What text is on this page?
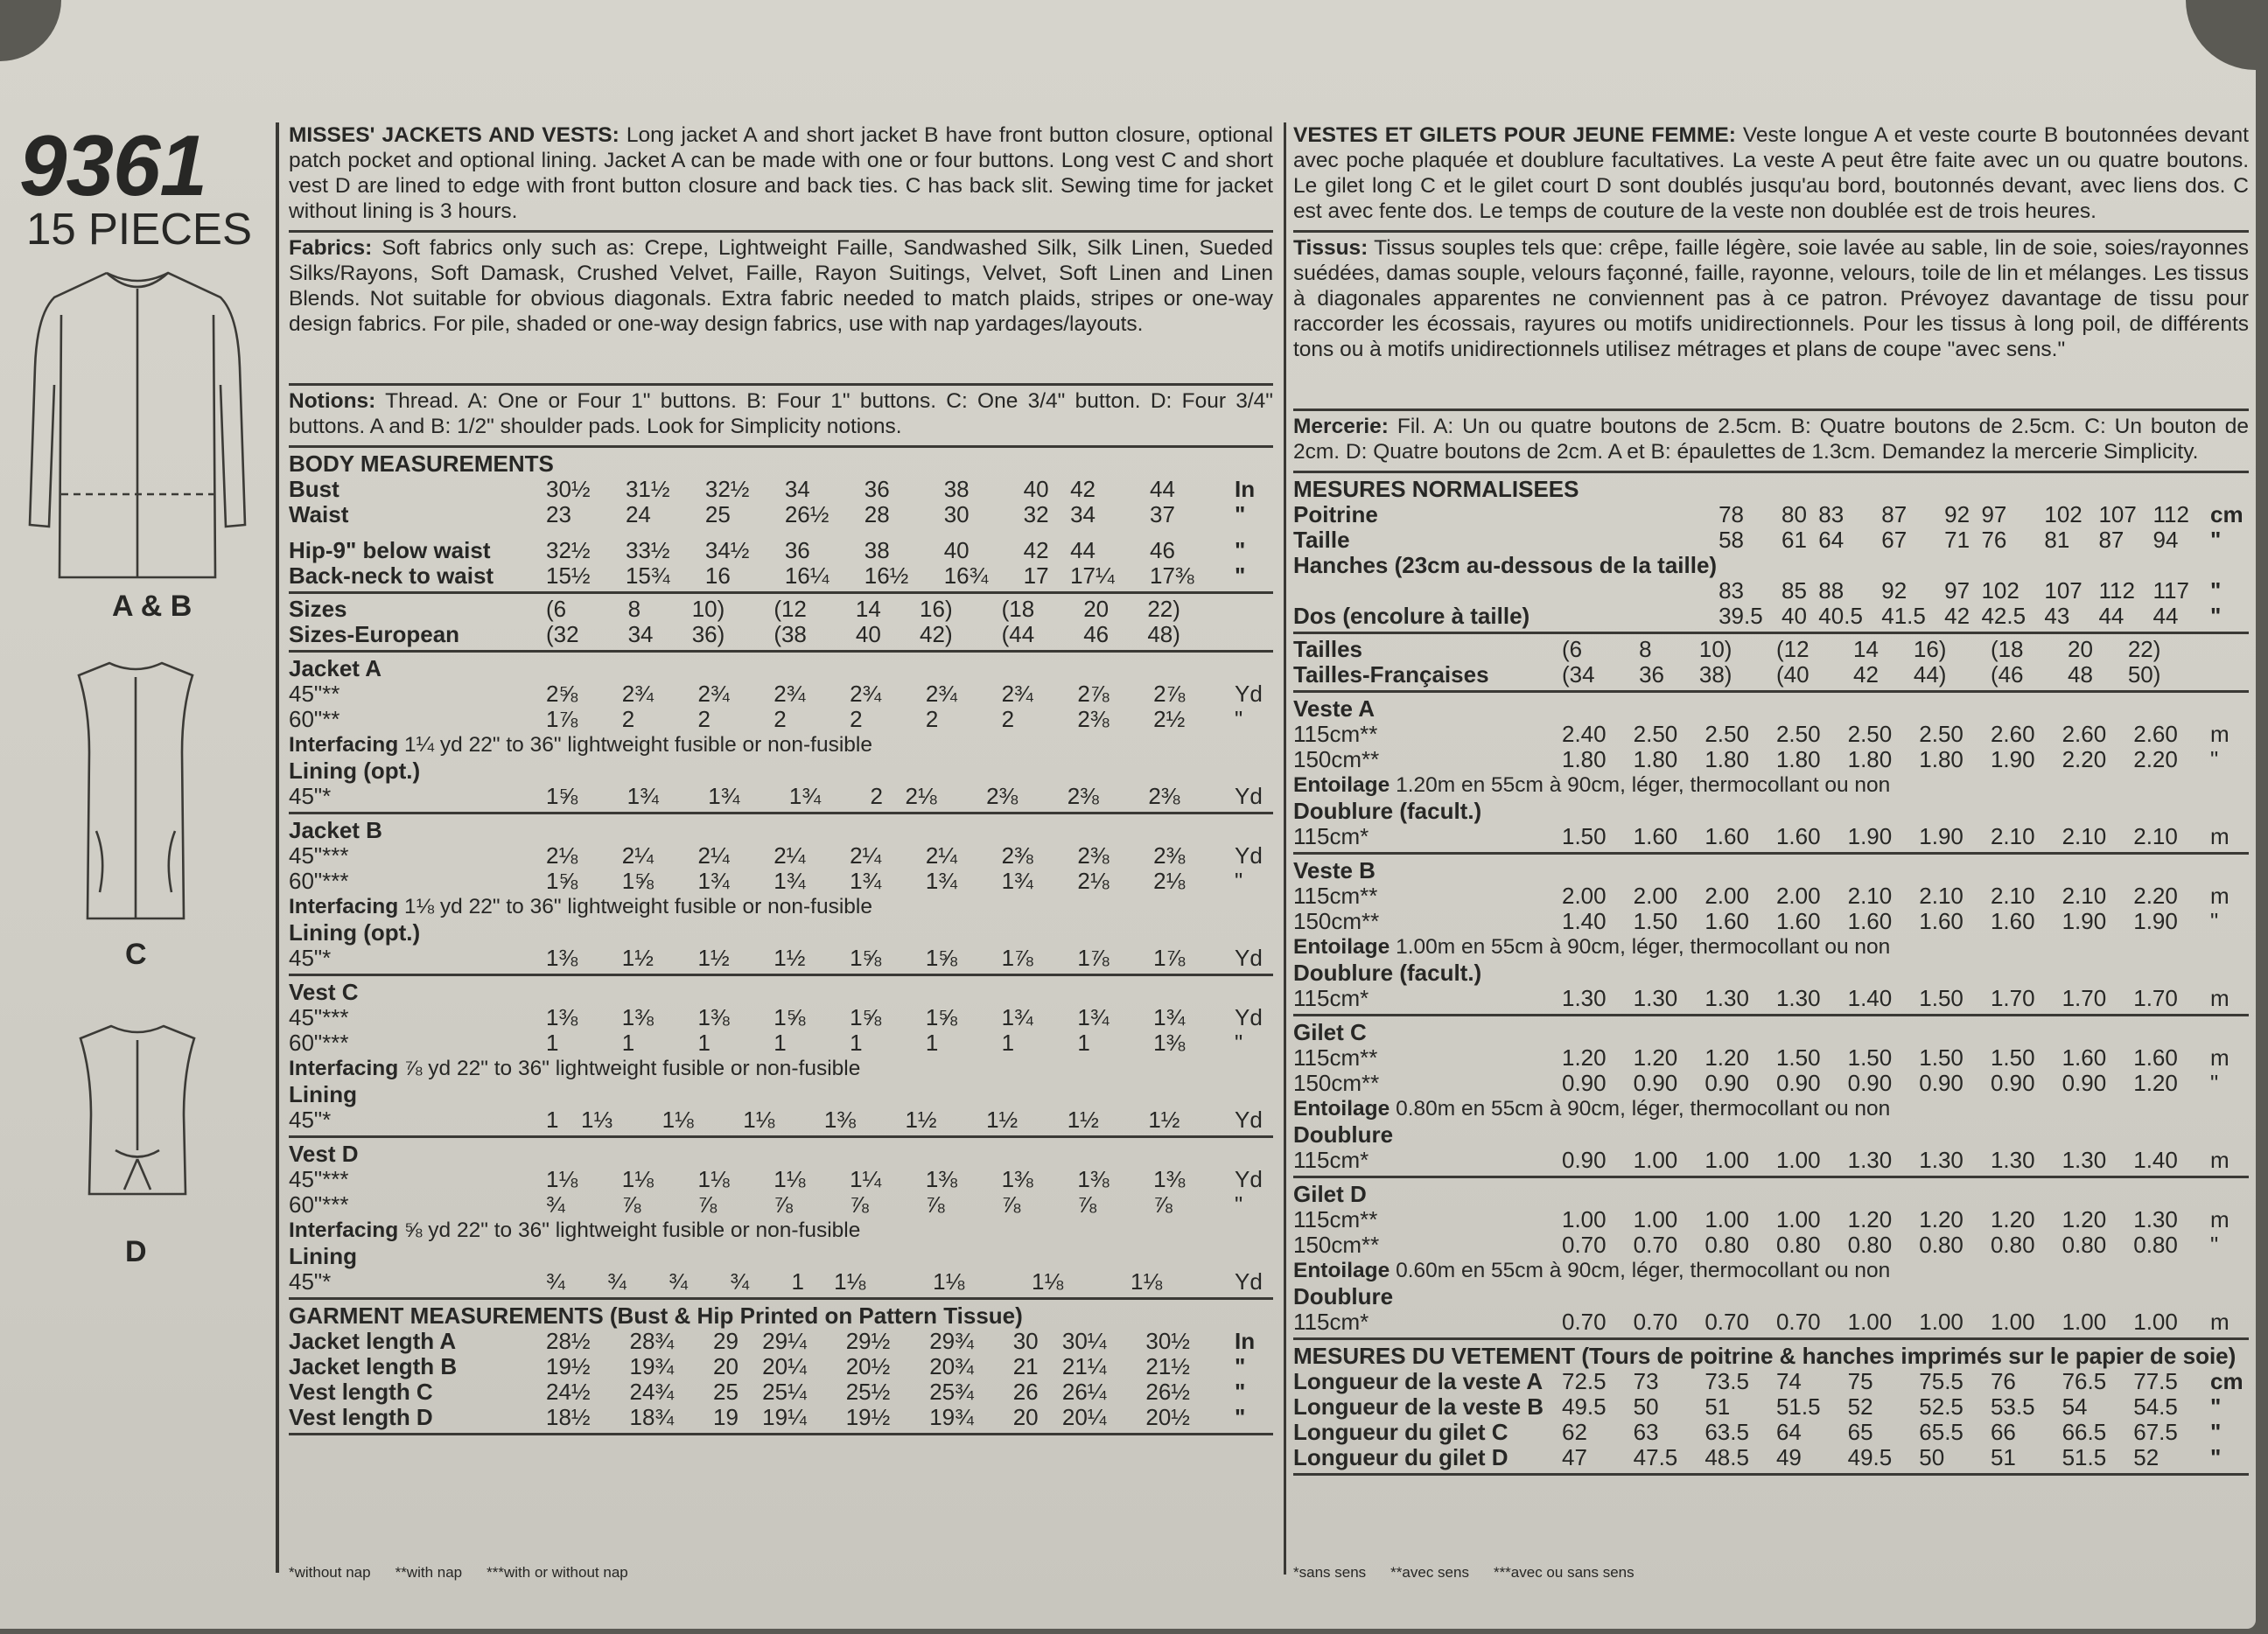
9361
15 PIECES
A & B
C
D
MISSES' JACKETS AND VESTS: Long jacket A and short jacket B have front button closure, optional patch pocket and optional lining. Jacket A can be made with one or four buttons. Long vest C and short vest D are lined to edge with front button closure and back ties. C has back slit. Sewing time for jacket without lining is 3 hours.
Fabrics: Soft fabrics only such as: Crepe, Lightweight Faille, Sandwashed Silk, Silk Linen, Sueded Silks/Rayons, Soft Damask, Crushed Velvet, Faille, Rayon Suitings, Velvet, Soft Linen and Linen Blends. Not suitable for obvious diagonals. Extra fabric needed to match plaids, stripes or one-way design fabrics. For pile, shaded or one-way design fabrics, use with nap yardages/layouts.
Notions: Thread. A: One or Four 1" buttons. B: Four 1" buttons. C: One 3/4" button. D: Four 3/4" buttons. A and B: 1/2" shoulder pads. Look for Simplicity notions.
BODY MEASUREMENTS
Bust	30½	31½	32½	34	36	38	40	42	44	In
Waist	23	24	25	26½	28	30	32	34	37	"

Hip-9" below waist	32½	33½	34½	36	38	40	42	44	46	"
Back-neck to waist	15½	15¾	16	16¼	16½	16¾	17	17¼	17⅜	"
Sizes	(6	8	10)	(12	14	16)	(18	20	22)	
Sizes-European	(32	34	36)	(38	40	42)	(44	46	48)	
Jacket A
45"**	2⅝	2¾	2¾	2¾	2¾	2¾	2¾	2⅞	2⅞	Yd
60"**	1⅞	2	2	2	2	2	2	2⅜	2½	"
Interfacing 1¼ yd 22" to 36" lightweight fusible or non-fusible
Lining (opt.)
45"*	1⅝	1¾	1¾	1¾	2	2⅛	2⅜	2⅜	2⅜	Yd
Jacket B
45"***	2⅛	2¼	2¼	2¼	2¼	2¼	2⅜	2⅜	2⅜	Yd
60"***	1⅝	1⅝	1¾	1¾	1¾	1¾	1¾	2⅛	2⅛	"
Interfacing 1⅛ yd 22" to 36" lightweight fusible or non-fusible
Lining (opt.)
45"*	1⅜	1½	1½	1½	1⅝	1⅝	1⅞	1⅞	1⅞	Yd
Vest C
45"***	1⅜	1⅜	1⅜	1⅝	1⅝	1⅝	1¾	1¾	1¾	Yd
60"***	1	1	1	1	1	1	1	1	1⅜	"
Interfacing ⅞ yd 22" to 36" lightweight fusible or non-fusible
Lining
45"*	1	1⅓	1⅛	1⅛	1⅜	1½	1½	1½	1½	Yd
Vest D
45"***	1⅛	1⅛	1⅛	1⅛	1¼	1⅜	1⅜	1⅜	1⅜	Yd
60"***	¾	⅞	⅞	⅞	⅞	⅞	⅞	⅞	⅞	"
Interfacing ⅝ yd 22" to 36" lightweight fusible or non-fusible
Lining
45"*	¾	¾	¾	¾	1	1⅛	1⅛	1⅛	1⅛	Yd
GARMENT MEASUREMENTS (Bust & Hip Printed on Pattern Tissue)
Jacket length A	28½	28¾	29	29¼	29½	29¾	30	30¼	30½	In
Jacket length B	19½	19¾	20	20¼	20½	20¾	21	21¼	21½	"
Vest length C	24½	24¾	25	25¼	25½	25¾	26	26¼	26½	"
Vest length D	18½	18¾	19	19¼	19½	19¾	20	20¼	20½	"
VESTES ET GILETS POUR JEUNE FEMME: Veste longue A et veste courte B boutonnées devant avec poche plaquée et doublure facultatives. La veste A peut être faite avec un ou quatre boutons. Le gilet long C et le gilet court D sont doublés jusqu'au bord, boutonnés devant, avec liens dos. C est avec fente dos. Le temps de couture de la veste non doublée est de trois heures.
Tissus: Tissus souples tels que: crêpe, faille légère, soie lavée au sable, lin de soie, soies/rayonnes suédées, damas souple, velours façonné, faille, rayonne, velours, toile de lin et mélanges. Les tissus à diagonales apparentes ne conviennent pas à ce patron. Prévoyez davantage de tissu pour raccorder les écossais, rayures ou motifs unidirectionnels. Pour les tissus à long poil, de différents tons ou à motifs unidirectionnels utilisez métrages et plans de coupe "avec sens."
Mercerie: Fil. A: Un ou quatre boutons de 2.5cm. B: Quatre boutons de 2.5cm. C: Un bouton de 2cm. D: Quatre boutons de 2cm. A et B: épaulettes de 1.3cm. Demandez la mercerie Simplicity.
MESURES NORMALISEES
Poitrine	78	80	83	87	92	97	102	107	112	cm
Taille	58	61	64	67	71	76	81	87	94	"
Hanches (23cm au-dessous de la taille)										
	83	85	88	92	97	102	107	112	117	"
Dos (encolure à taille)	39.5	40	40.5	41.5	42	42.5	43	44	44	"
Tailles	(6	8	10)	(12	14	16)	(18	20	22)	
Tailles-Françaises	(34	36	38)	(40	42	44)	(46	48	50)	
Veste A
115cm**	2.40	2.50	2.50	2.50	2.50	2.50	2.60	2.60	2.60	m
150cm**	1.80	1.80	1.80	1.80	1.80	1.80	1.90	2.20	2.20	"
Entoilage 1.20m en 55cm à 90cm, léger, thermocollant ou non
Doublure (facult.)
115cm*	1.50	1.60	1.60	1.60	1.90	1.90	2.10	2.10	2.10	m
Veste B
115cm**	2.00	2.00	2.00	2.00	2.10	2.10	2.10	2.10	2.20	m
150cm**	1.40	1.50	1.60	1.60	1.60	1.60	1.60	1.90	1.90	"
Entoilage 1.00m en 55cm à 90cm, léger, thermocollant ou non
Doublure (facult.)
115cm*	1.30	1.30	1.30	1.30	1.40	1.50	1.70	1.70	1.70	m
Gilet C
115cm**	1.20	1.20	1.20	1.50	1.50	1.50	1.50	1.60	1.60	m
150cm**	0.90	0.90	0.90	0.90	0.90	0.90	0.90	0.90	1.20	"
Entoilage 0.80m en 55cm à 90cm, léger, thermocollant ou non
Doublure
115cm*	0.90	1.00	1.00	1.00	1.30	1.30	1.30	1.30	1.40	m
Gilet D
115cm**	1.00	1.00	1.00	1.00	1.20	1.20	1.20	1.20	1.30	m
150cm**	0.70	0.70	0.80	0.80	0.80	0.80	0.80	0.80	0.80	"
Entoilage 0.60m en 55cm à 90cm, léger, thermocollant ou non
Doublure
115cm*	0.70	0.70	0.70	0.70	1.00	1.00	1.00	1.00	1.00	m
MESURES DU VETEMENT (Tours de poitrine & hanches imprimés sur le papier de soie)
Longueur de la veste A	72.5	73	73.5	74	75	75.5	76	76.5	77.5	cm
Longueur de la veste B	49.5	50	51	51.5	52	52.5	53.5	54	54.5	"
Longueur du gilet C	62	63	63.5	64	65	65.5	66	66.5	67.5	"
Longueur du gilet D	47	47.5	48.5	49	49.5	50	51	51.5	52	"
*without nap **with nap ***with or without nap	*sans sens **avec sens ***avec ou sans sens
